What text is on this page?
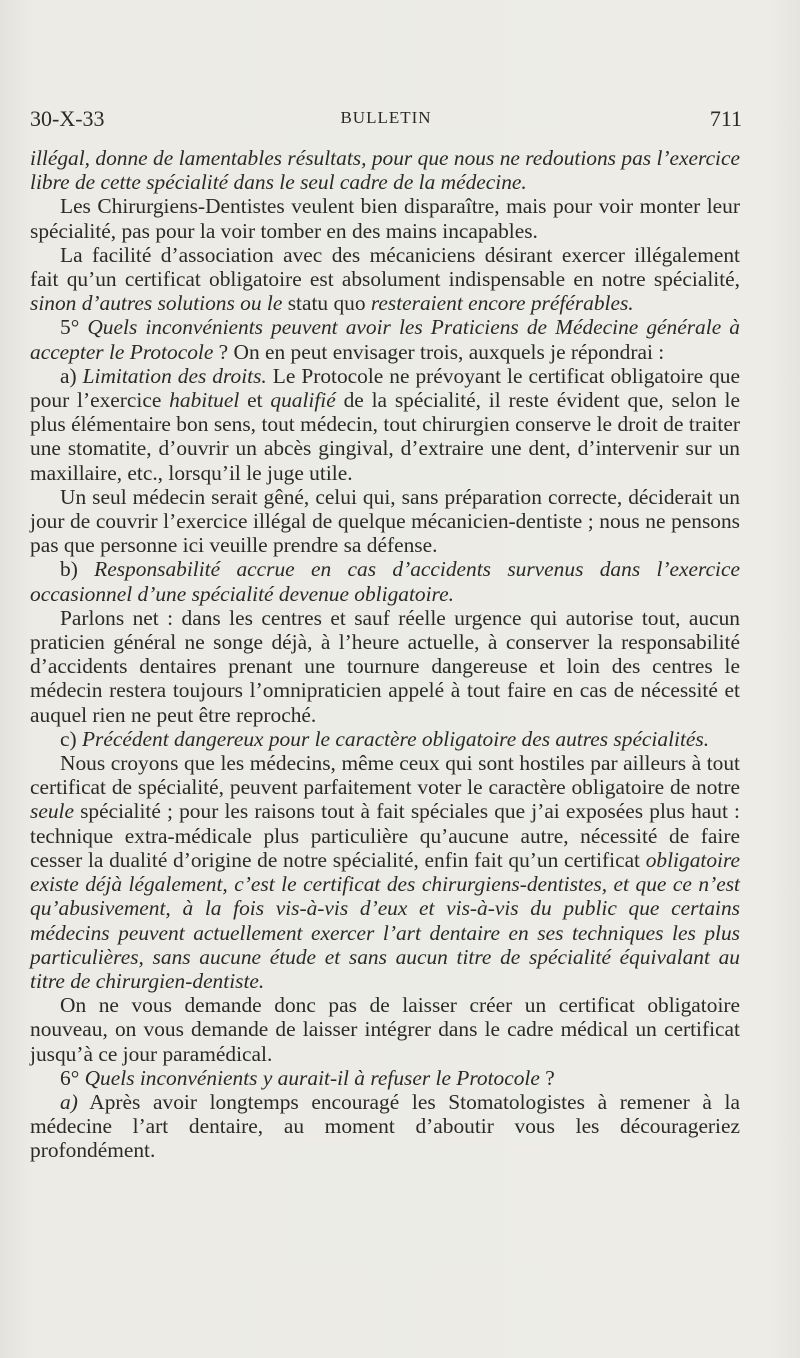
30-X-33	BULLETIN	711

illégal, donne de lamentables résultats, pour que nous ne redoutions pas l’exercice libre de cette spécialité dans le seul cadre de la médecine.

Les Chirurgiens-Dentistes veulent bien disparaître, mais pour voir monter leur spécialité, pas pour la voir tomber en des mains incapables.

La facilité d’association avec des mécaniciens désirant exercer illégalement fait qu’un certificat obligatoire est absolument indispensable en notre spécialité, sinon d’autres solutions ou le statu quo resteraient encore préférables.

5° Quels inconvénients peuvent avoir les Praticiens de Médecine générale à accepter le Protocole ? On en peut envisager trois, auxquels je répondrai :

a) Limitation des droits. Le Protocole ne prévoyant le certificat obligatoire que pour l’exercice habituel et qualifié de la spécialité, il reste évident que, selon le plus élémentaire bon sens, tout médecin, tout chirurgien conserve le droit de traiter une stomatite, d’ouvrir un abcès gingival, d’extraire une dent, d’intervenir sur un maxillaire, etc., lorsqu’il le juge utile.

Un seul médecin serait gêné, celui qui, sans préparation correcte, déciderait un jour de couvrir l’exercice illégal de quelque mécanicien-dentiste ; nous ne pensons pas que personne ici veuille prendre sa défense.

b) Responsabilité accrue en cas d’accidents survenus dans l’exercice occasionnel d’une spécialité devenue obligatoire.

Parlons net : dans les centres et sauf réelle urgence qui autorise tout, aucun praticien général ne songe déjà, à l’heure actuelle, à conserver la responsabilité d’accidents dentaires prenant une tournure dangereuse et loin des centres le médecin restera toujours l’omnipraticien appelé à tout faire en cas de nécessité et auquel rien ne peut être reproché.

c) Précédent dangereux pour le caractère obligatoire des autres spécialités.

Nous croyons que les médecins, même ceux qui sont hostiles par ailleurs à tout certificat de spécialité, peuvent parfaitement voter le caractère obligatoire de notre seule spécialité ; pour les raisons tout à fait spéciales que j’ai exposées plus haut : technique extra-médicale plus particulière qu’aucune autre, nécessité de faire cesser la dualité d’origine de notre spécialité, enfin fait qu’un certificat obligatoire existe déjà légalement, c’est le certificat des chirurgiens-dentistes, et que ce n’est qu’abusivement, à la fois vis-à-vis d’eux et vis-à-vis du public que certains médecins peuvent actuellement exercer l’art dentaire en ses techniques les plus particulières, sans aucune étude et sans aucun titre de spécialité équivalant au titre de chirurgien-dentiste.

On ne vous demande donc pas de laisser créer un certificat obligatoire nouveau, on vous demande de laisser intégrer dans le cadre médical un certificat jusqu’à ce jour paramédical.

6° Quels inconvénients y aurait-il à refuser le Protocole ?

a) Après avoir longtemps encouragé les Stomatologistes à remener à la médecine l’art dentaire, au moment d’aboutir vous les décourageriez profondément.
